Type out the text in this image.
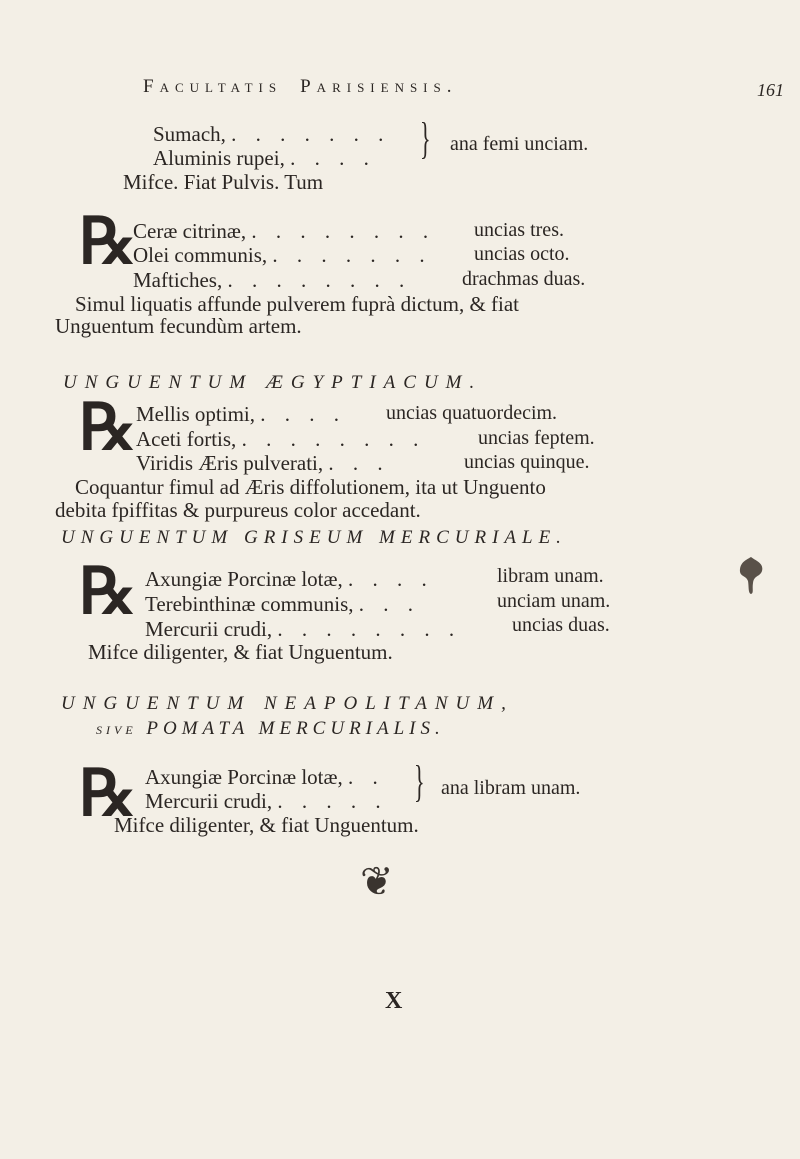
Facultatis Parisiensis.	161
Sumach, . . . . . . .
Aluminis rupei, . . . . } ana femi unciam.
Mifce. Fiat Pulvis. Tum
℞
Ceræ citrinæ, . . . . . . . . uncias tres.
Olei communis, . . . . . . . uncias octo.
Maftiches, . . . . . . . .	drachmas duas.
Simul liquatis affunde pulverem fuprà dictum, & fiat
Unguentum fecundùm artem.
UNGUENTUM ÆGYPTIACUM.
℞ Mellis optimi, . . . . uncias quatuordecim.
Aceti fortis, . . . . . . . .	uncias feptem.
Viridis Æris pulverati, . . .	uncias quinque.
Coquantur fimul ad Æris diffolutionem, ita ut Unguento
debita fpiffitas & purpureus color accedant.
UNGUENTUM GRISEUM MERCURIALE.
℞ Axungiæ Porcinæ lotæ, . . . .	libram unam.
Terebinthinæ communis, . . .	unciam unam.
Mercurii crudi, . . . . . . . .	uncias duas.
Mifce diligenter, & fiat Unguentum.
UNGUENTUM NEAPOLITANUM,
SIVE POMATA MERCURIALIS.
℞ Axungiæ Porcinæ lotæ, . .
Mercurii crudi, . . . . . } ana libram unam.
Mifce diligenter, & fiat Unguentum.
❦
X
